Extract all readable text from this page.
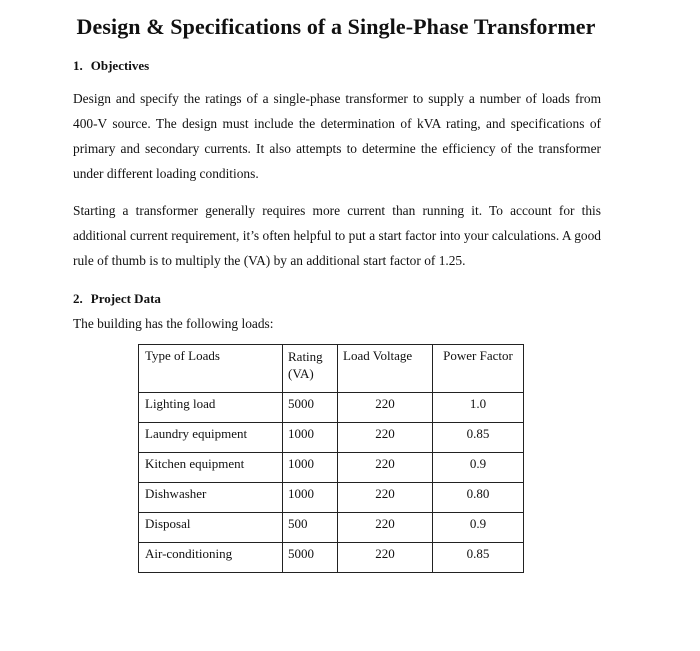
Design & Specifications of a Single-Phase Transformer
1. Objectives
Design and specify the ratings of a single-phase transformer to supply a number of loads from 400-V source. The design must include the determination of kVA rating, and specifications of primary and secondary currents. It also attempts to determine the efficiency of the transformer under different loading conditions.
Starting a transformer generally requires more current than running it. To account for this additional current requirement, it’s often helpful to put a start factor into your calculations. A good rule of thumb is to multiply the (VA) by an additional start factor of 1.25.
2. Project Data
The building has the following loads:
Type of Loads	Rating (VA)	Load Voltage	Power Factor
Lighting load	5000	220	1.0
Laundry equipment	1000	220	0.85
Kitchen equipment	1000	220	0.9
Dishwasher	1000	220	0.80
Disposal	500	220	0.9
Air-conditioning	5000	220	0.85
